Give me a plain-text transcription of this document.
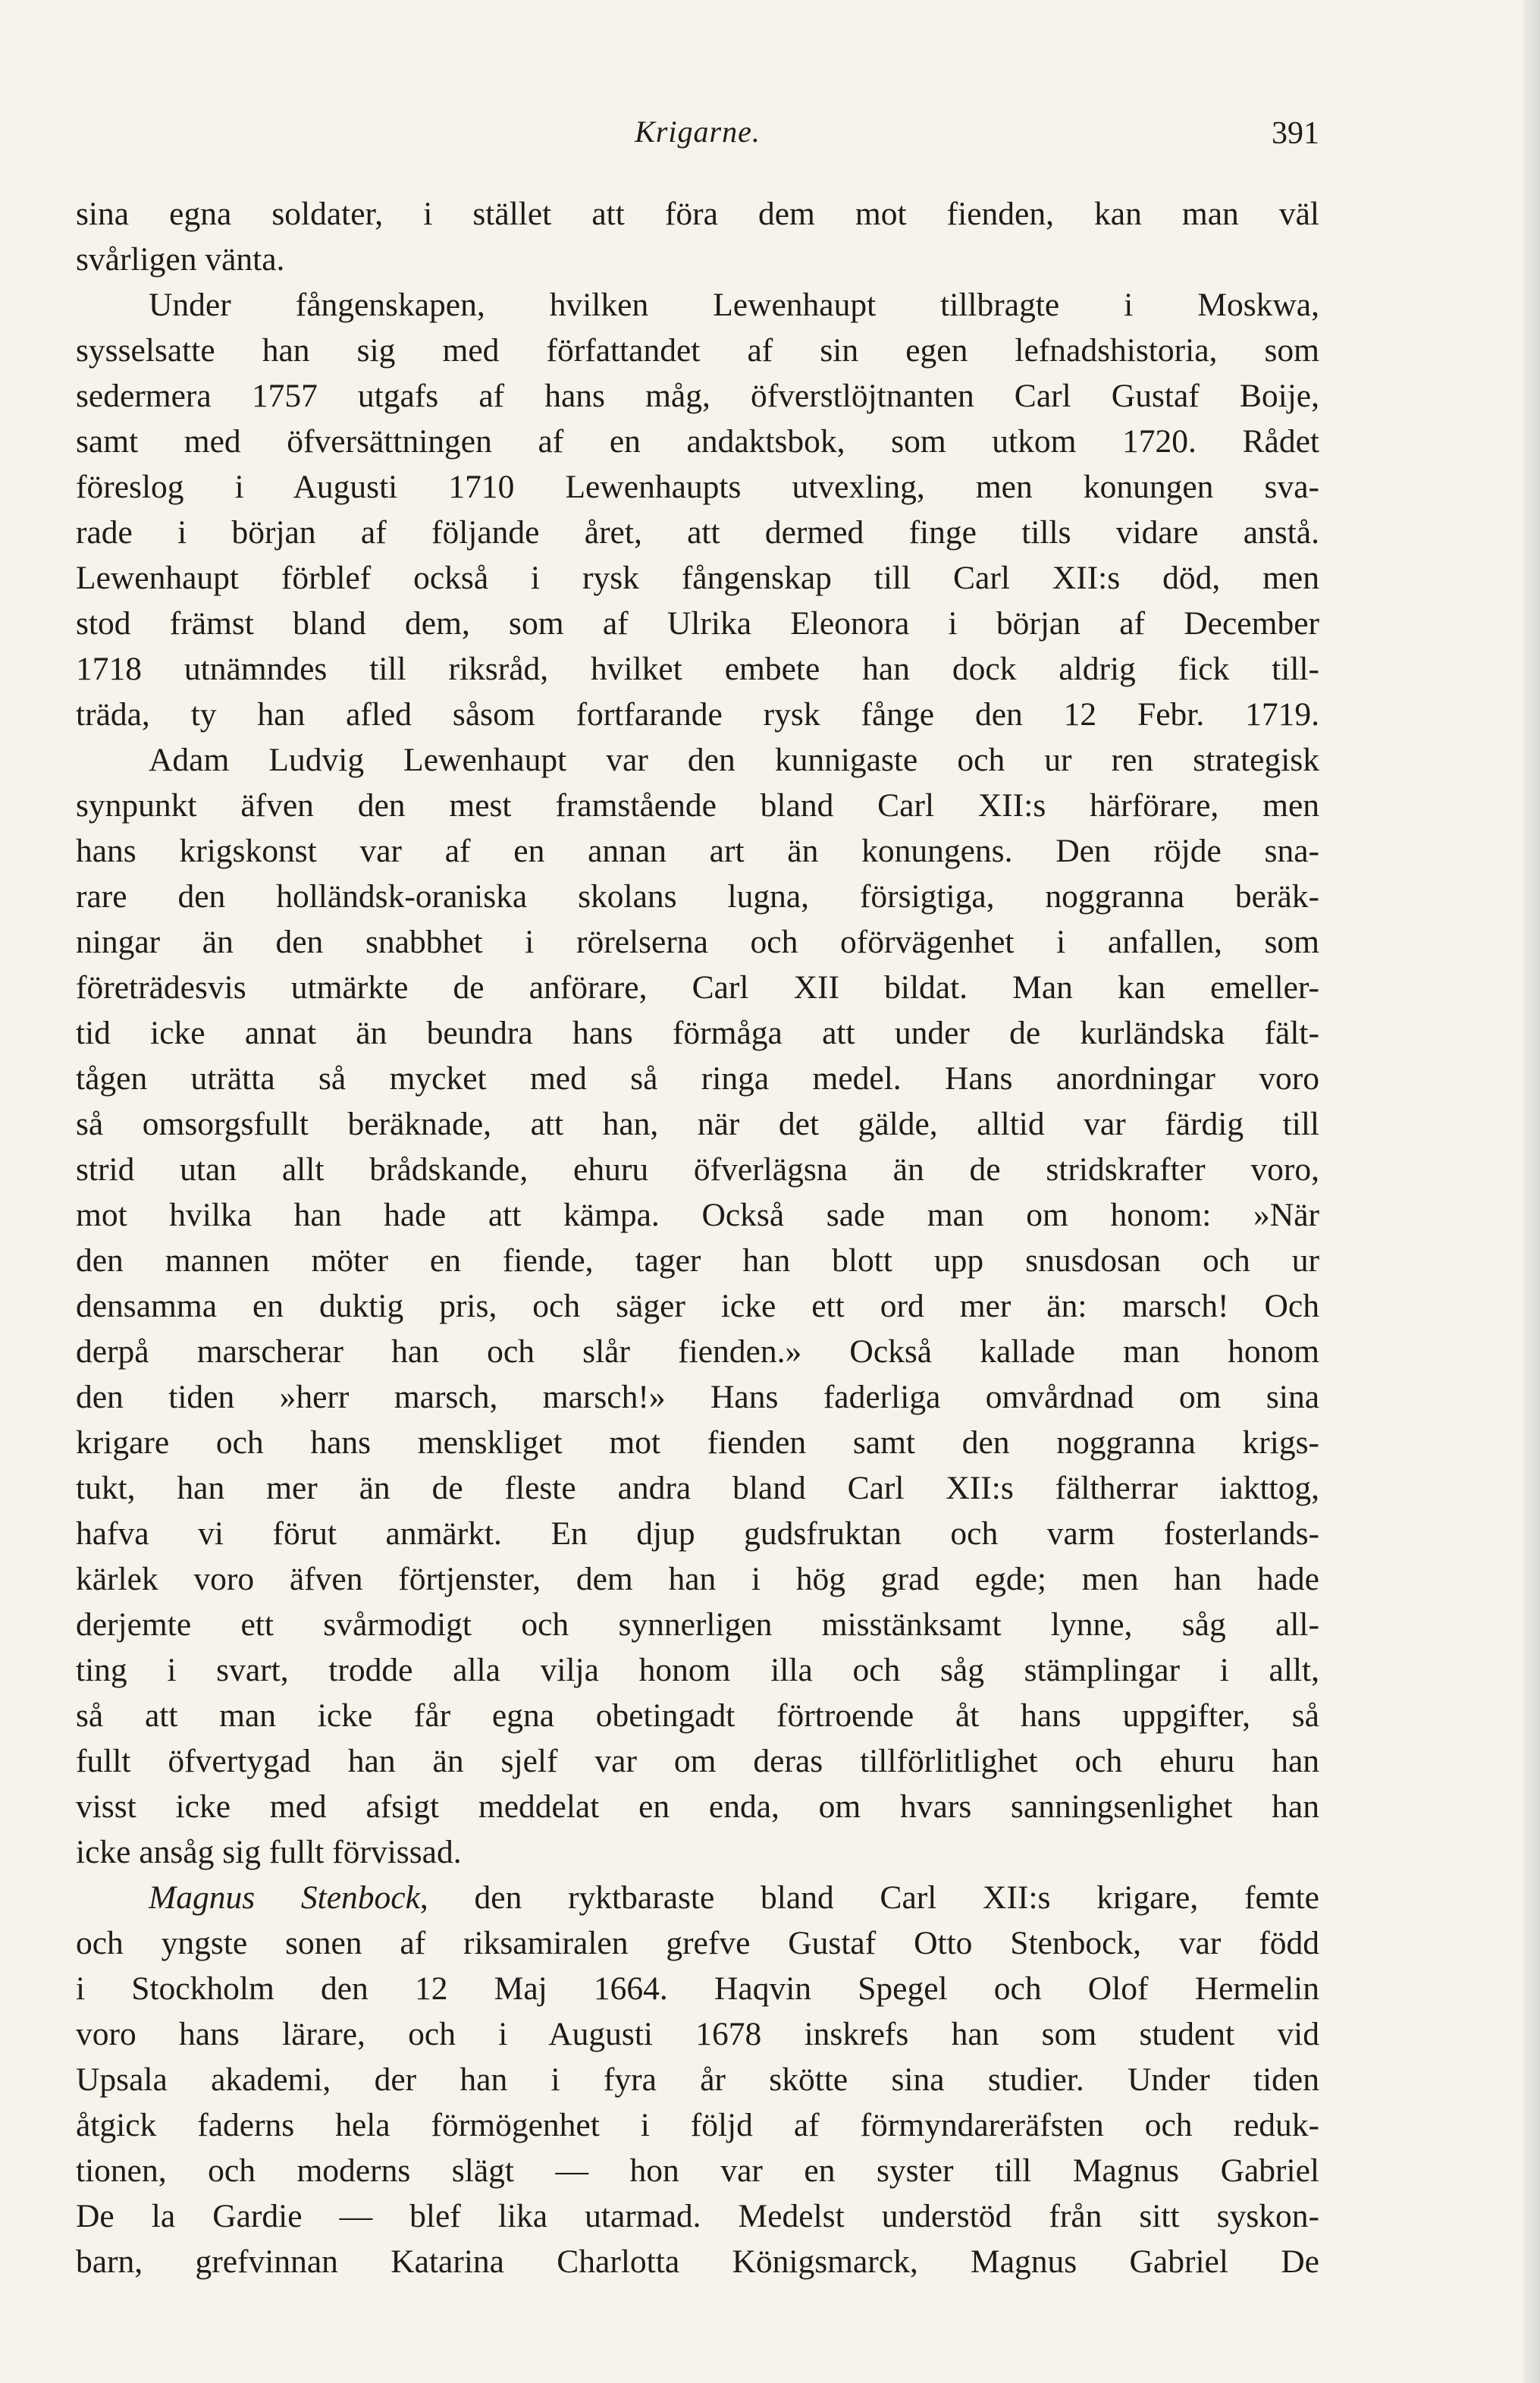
Krigarne.	391
sina egna soldater, i stället att föra dem mot fienden, kan man väl
svårligen vänta.
Under fångenskapen, hvilken Lewenhaupt tillbragte i Moskwa,
sysselsatte han sig med författandet af sin egen lefnadshistoria, som
sedermera 1757 utgafs af hans måg, öfverstlöjtnanten Carl Gustaf Boije,
samt med öfversättningen af en andaktsbok, som utkom 1720. Rådet
föreslog i Augusti 1710 Lewenhaupts utvexling, men konungen sva-
rade i början af följande året, att dermed finge tills vidare anstå.
Lewenhaupt förblef också i rysk fångenskap till Carl XII:s död, men
stod främst bland dem, som af Ulrika Eleonora i början af December
1718 utnämndes till riksråd, hvilket embete han dock aldrig fick till-
träda, ty han afled såsom fortfarande rysk fånge den 12 Febr. 1719.
Adam Ludvig Lewenhaupt var den kunnigaste och ur ren strategisk
synpunkt äfven den mest framstående bland Carl XII:s härförare, men
hans krigskonst var af en annan art än konungens. Den röjde sna-
rare den holländsk-oraniska skolans lugna, försigtiga, noggranna beräk-
ningar än den snabbhet i rörelserna och oförvägenhet i anfallen, som
företrädesvis utmärkte de anförare, Carl XII bildat. Man kan emeller-
tid icke annat än beundra hans förmåga att under de kurländska fält-
tågen uträtta så mycket med så ringa medel. Hans anordningar voro
så omsorgsfullt beräknade, att han, när det gälde, alltid var färdig till
strid utan allt brådskande, ehuru öfverlägsna än de stridskrafter voro,
mot hvilka han hade att kämpa. Också sade man om honom: »När
den mannen möter en fiende, tager han blott upp snusdosan och ur
densamma en duktig pris, och säger icke ett ord mer än: marsch! Och
derpå marscherar han och slår fienden.» Också kallade man honom
den tiden »herr marsch, marsch!» Hans faderliga omvårdnad om sina
krigare och hans menskliget mot fienden samt den noggranna krigs-
tukt, han mer än de fleste andra bland Carl XII:s fältherrar iakttog,
hafva vi förut anmärkt. En djup gudsfruktan och varm fosterlands-
kärlek voro äfven förtjenster, dem han i hög grad egde; men han hade
derjemte ett svårmodigt och synnerligen misstänksamt lynne, såg all-
ting i svart, trodde alla vilja honom illa och såg stämplingar i allt,
så att man icke får egna obetingadt förtroende åt hans uppgifter, så
fullt öfvertygad han än sjelf var om deras tillförlitlighet och ehuru han
visst icke med afsigt meddelat en enda, om hvars sanningsenlighet han
icke ansåg sig fullt förvissad.
Magnus Stenbock, den ryktbaraste bland Carl XII:s krigare, femte
och yngste sonen af riksamiralen grefve Gustaf Otto Stenbock, var född
i Stockholm den 12 Maj 1664. Haqvin Spegel och Olof Hermelin
voro hans lärare, och i Augusti 1678 inskrefs han som student vid
Upsala akademi, der han i fyra år skötte sina studier. Under tiden
åtgick faderns hela förmögenhet i följd af förmyndareräfsten och reduk-
tionen, och moderns slägt — hon var en syster till Magnus Gabriel
De la Gardie — blef lika utarmad. Medelst understöd från sitt syskon-
barn, grefvinnan Katarina Charlotta Königsmarck, Magnus Gabriel De
